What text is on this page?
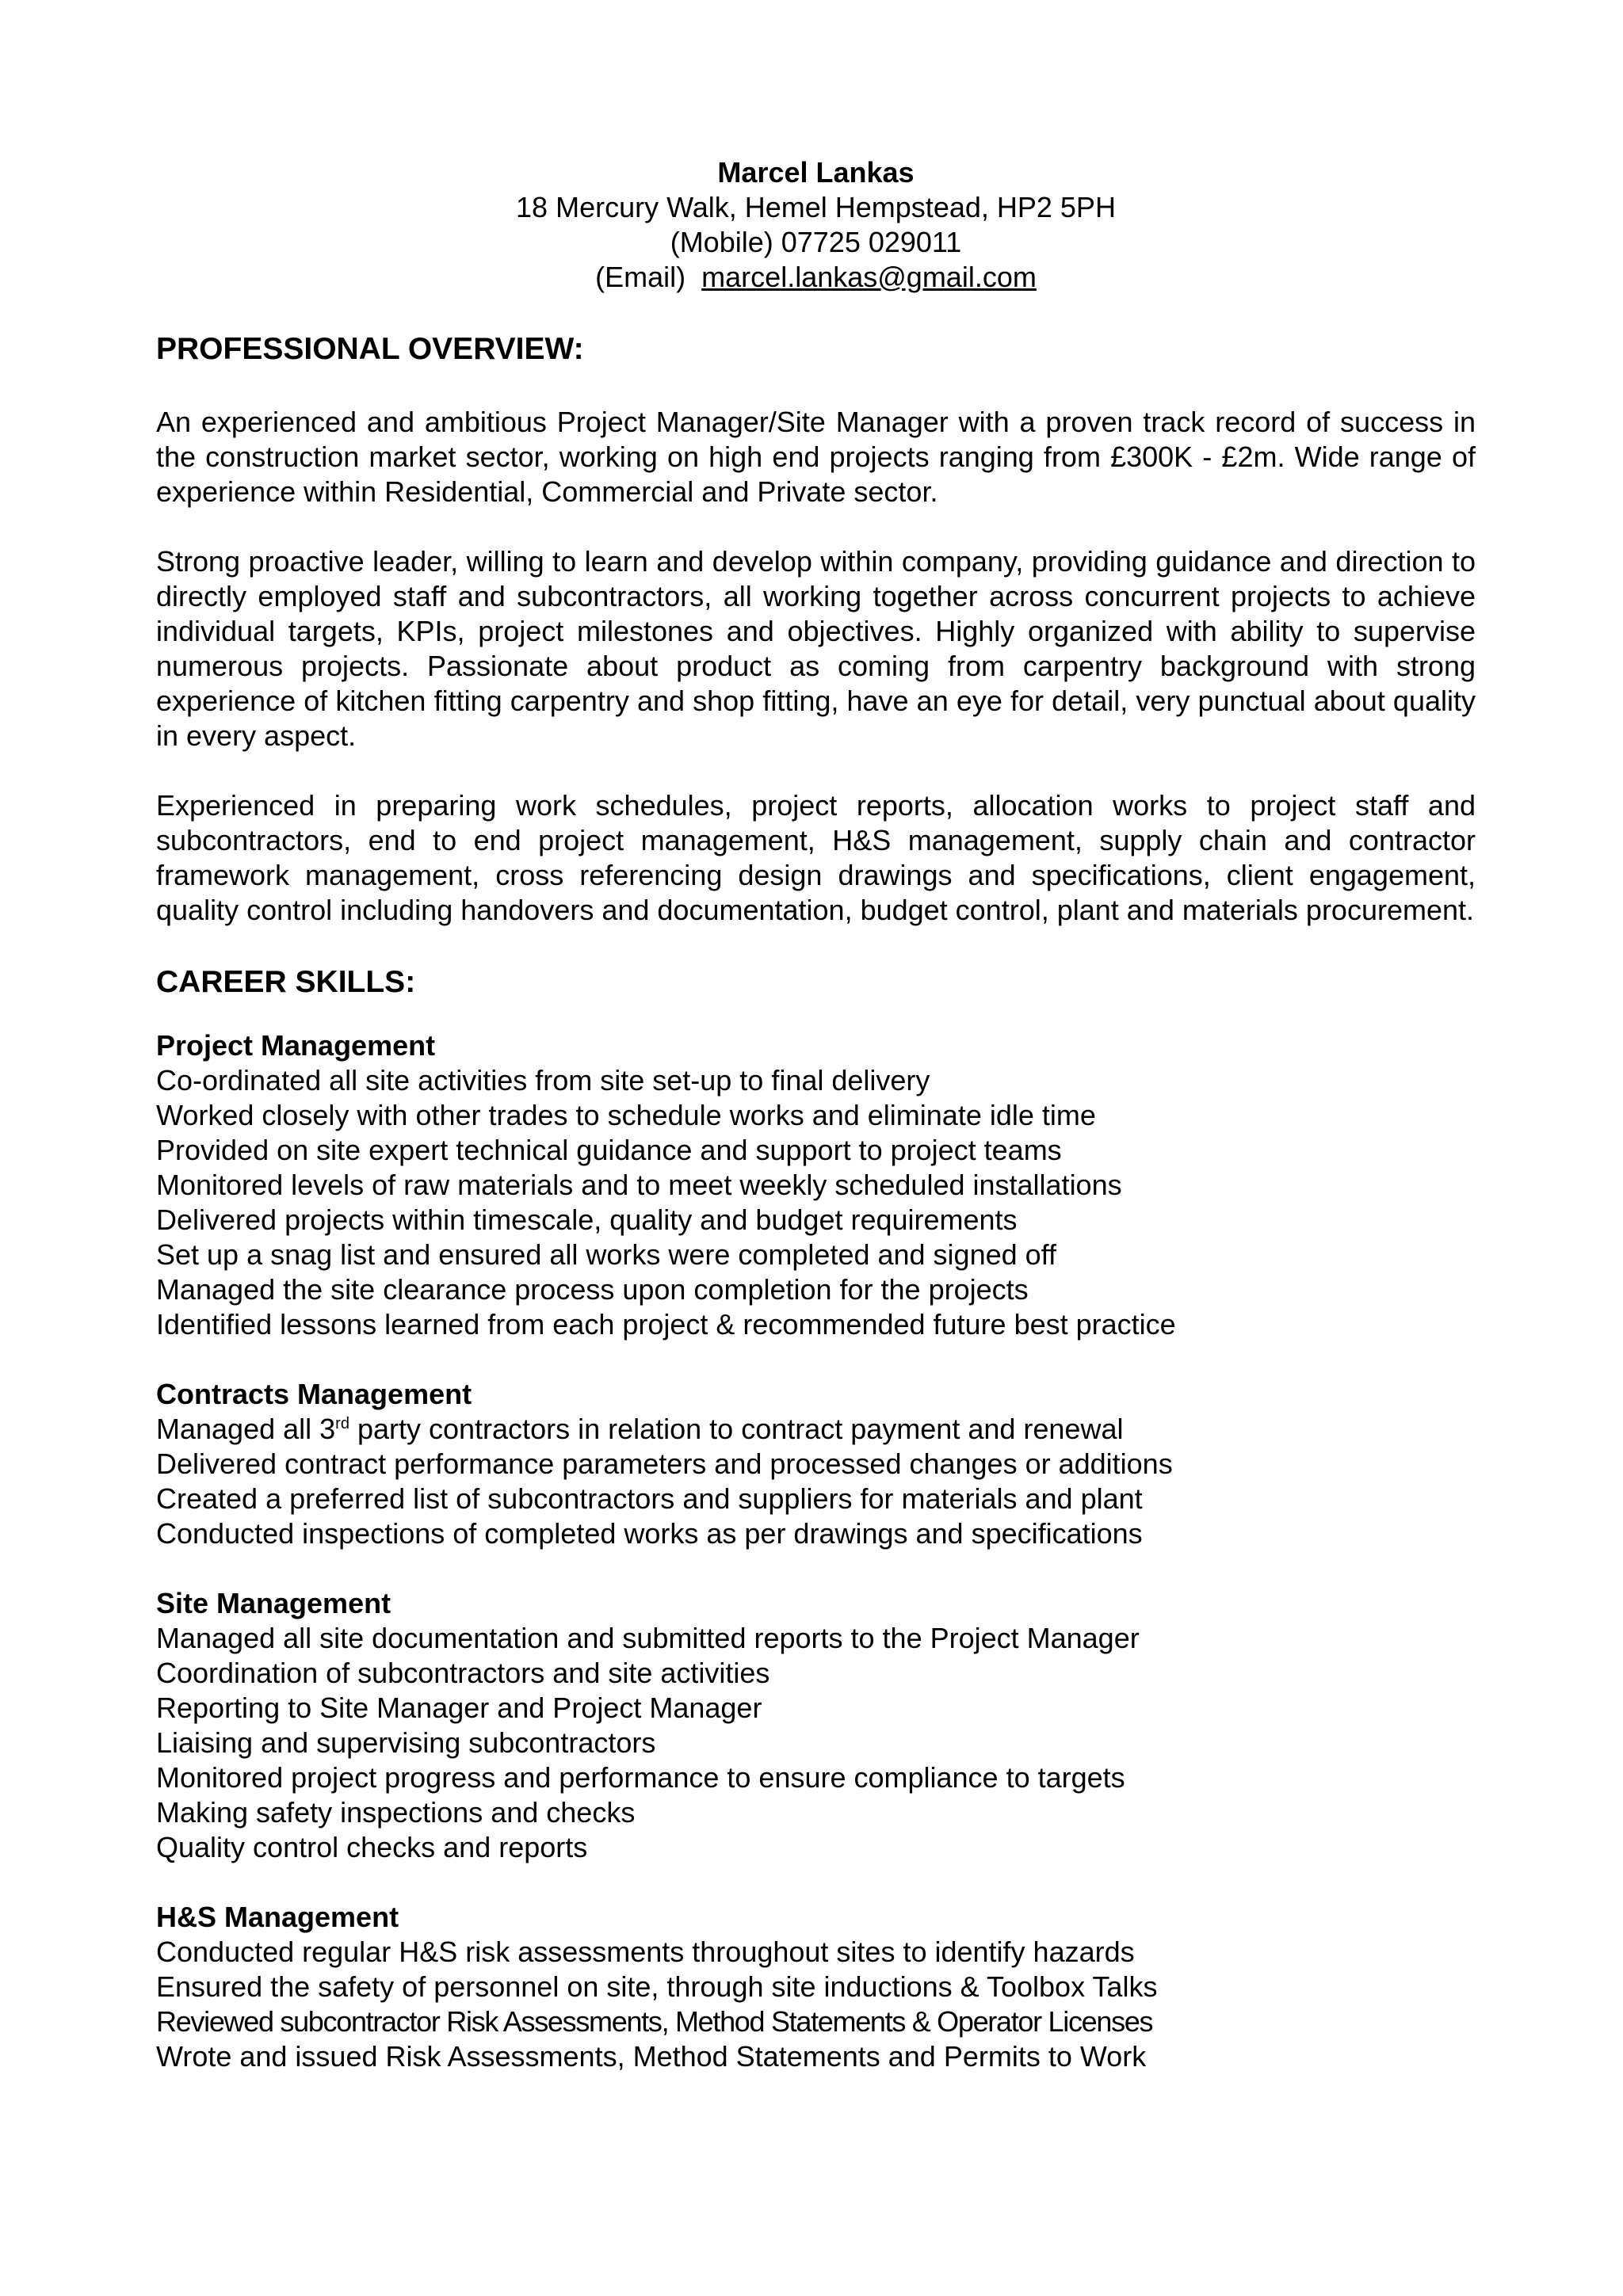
Marcel Lankas
18 Mercury Walk, Hemel Hempstead, HP2 5PH
(Mobile) 07725 029011
(Email) marcel.lankas@gmail.com
PROFESSIONAL OVERVIEW:

An experienced and ambitious Project Manager/Site Manager with a proven track record of success in the construction market sector, working on high end projects ranging from £300K - £2m. Wide range of experience within Residential, Commercial and Private sector.

Strong proactive leader, willing to learn and develop within company, providing guidance and direction to directly employed staff and subcontractors, all working together across concurrent projects to achieve individual targets, KPIs, project milestones and objectives. Highly organized with ability to supervise numerous projects. Passionate about product as coming from carpentry background with strong experience of kitchen fitting carpentry and shop fitting, have an eye for detail, very punctual about quality in every aspect.

Experienced in preparing work schedules, project reports, allocation works to project staff and subcontractors, end to end project management, H&S management, supply chain and contractor framework management, cross referencing design drawings and specifications, client engagement, quality control including handovers and documentation, budget control, plant and materials procurement.

CAREER SKILLS:
Project Management
Co-ordinated all site activities from site set-up to final delivery
Worked closely with other trades to schedule works and eliminate idle time
Provided on site expert technical guidance and support to project teams
Monitored levels of raw materials and to meet weekly scheduled installations
Delivered projects within timescale, quality and budget requirements
Set up a snag list and ensured all works were completed and signed off
Managed the site clearance process upon completion for the projects
Identified lessons learned from each project & recommended future best practice
Contracts Management
Managed all 3rd party contractors in relation to contract payment and renewal
Delivered contract performance parameters and processed changes or additions
Created a preferred list of subcontractors and suppliers for materials and plant
Conducted inspections of completed works as per drawings and specifications
Site Management
Managed all site documentation and submitted reports to the Project Manager
Coordination of subcontractors and site activities
Reporting to Site Manager and Project Manager
Liaising and supervising subcontractors
Monitored project progress and performance to ensure compliance to targets
Making safety inspections and checks
Quality control checks and reports
H&S Management
Conducted regular H&S risk assessments throughout sites to identify hazards
Ensured the safety of personnel on site, through site inductions & Toolbox Talks
Reviewed subcontractor Risk Assessments, Method Statements & Operator Licenses
Wrote and issued Risk Assessments, Method Statements and Permits to Work
